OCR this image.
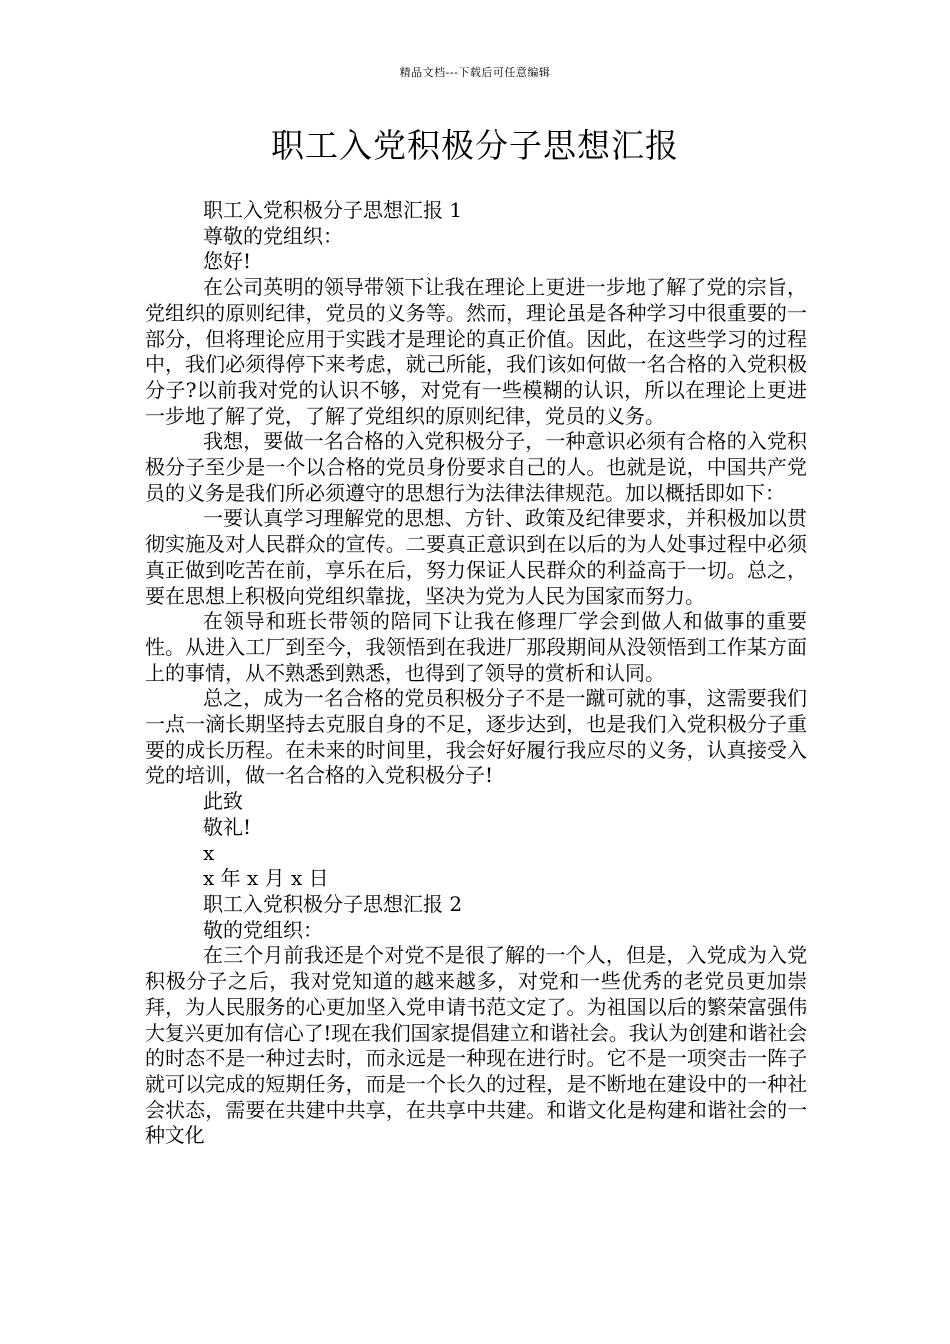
精品文档---下载后可任意编辑
职工入党积极分子思想汇报

职工入党积极分子思想汇报 1

尊敬的党组织：

您好!

在公司英明的领导带领下让我在理论上更进一步地了解了党的宗旨，党组织的原则纪律，党员的义务等。然而，理论虽是各种学习中很重要的一部分，但将理论应用于实践才是理论的真正价值。因此，在这些学习的过程中，我们必须得停下来考虑，就己所能，我们该如何做一名合格的入党积极分子?以前我对党的认识不够，对党有一些模糊的认识，所以在理论上更进一步地了解了党，了解了党组织的原则纪律，党员的义务。

我想，要做一名合格的入党积极分子，一种意识必须有合格的入党积极分子至少是一个以合格的党员身份要求自己的人。也就是说，中国共产党员的义务是我们所必须遵守的思想行为法律法律规范。加以概括即如下：

一要认真学习理解党的思想、方针、政策及纪律要求，并积极加以贯彻实施及对人民群众的宣传。二要真正意识到在以后的为人处事过程中必须真正做到吃苦在前，享乐在后，努力保证人民群众的利益高于一切。总之，要在思想上积极向党组织靠拢，坚决为党为人民为国家而努力。

在领导和班长带领的陪同下让我在修理厂学会到做人和做事的重要性。从进入工厂到至今，我领悟到在我进厂那段期间从没领悟到工作某方面上的事情，从不熟悉到熟悉，也得到了领导的赏析和认同。

总之，成为一名合格的党员积极分子不是一蹴可就的事，这需要我们一点一滴长期坚持去克服自身的不足，逐步达到，也是我们入党积极分子重要的成长历程。在未来的时间里，我会好好履行我应尽的义务，认真接受入党的培训，做一名合格的入党积极分子!

此致

敬礼!

x

x 年 x 月 x 日

职工入党积极分子思想汇报 2

敬的党组织：

在三个月前我还是个对党不是很了解的一个人，但是，入党成为入党积极分子之后，我对党知道的越来越多，对党和一些优秀的老党员更加崇拜，为人民服务的心更加坚入党申请书范文定了。为祖国以后的繁荣富强伟大复兴更加有信心了!现在我们国家提倡建立和谐社会。我认为创建和谐社会的时态不是一种过去时，而永远是一种现在进行时。它不是一项突击一阵子就可以完成的短期任务，而是一个长久的过程，是不断地在建设中的一种社会状态，需要在共建中共享，在共享中共建。和谐文化是构建和谐社会的一种文化
